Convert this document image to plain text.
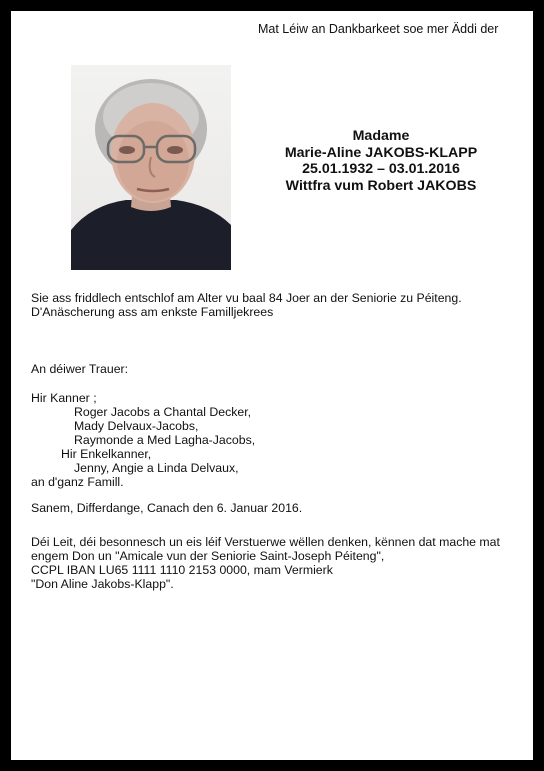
Mat Léiw an Dankbarkeet soe mer Äddi der
Madame
Marie-Aline JAKOBS-KLAPP
25.01.1932 – 03.01.2016
Wittfra vum Robert JAKOBS
Sie ass friddlech entschlof am Alter vu baal 84 Joer an der Seniorie zu Péiteng.
D'Anäscherung ass am enkste Familljekrees
An déiwer Trauer:
Hir Kanner ;
Roger Jacobs a Chantal Decker,
Mady Delvaux-Jacobs,
Raymonde a Med Lagha-Jacobs,
Hir Enkelkanner,
Jenny, Angie a Linda Delvaux,
an d'ganz Famill.
Sanem, Differdange, Canach den 6. Januar 2016.
Déi Leit, déi besonnesch un eis léif Verstuerwe wëllen denken, kënnen dat mache mat
engem Don un "Amicale vun der Seniorie Saint-Joseph Péiteng",
CCPL IBAN LU65 1111 1110 2153 0000, mam Vermierk
"Don Aline Jakobs-Klapp".
